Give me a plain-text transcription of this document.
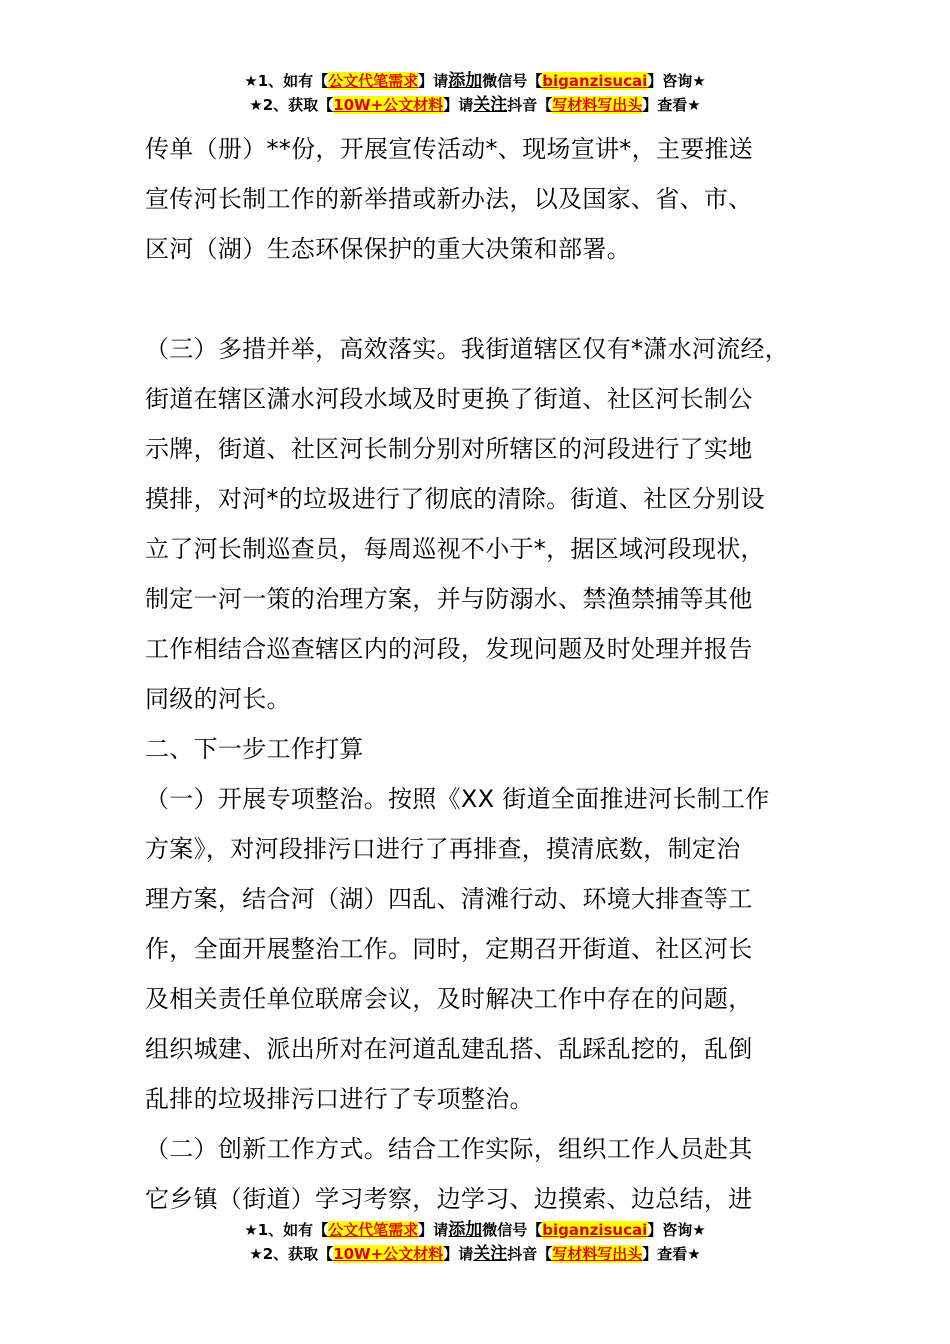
★1、如有【公文代笔需求】请添加微信号【biganzisucai】咨询★
★2、获取【10W+公文材料】请关注抖音【写材料写出头】查看★
传单（册）**份，开展宣传活动*、现场宣讲*，主要推送
宣传河长制工作的新举措或新办法，以及国家、省、市、
区河（湖）生态环保保护的重大决策和部署。
（三）多措并举，高效落实。我街道辖区仅有*潇水河流经，
街道在辖区潇水河段水域及时更换了街道、社区河长制公
示牌，街道、社区河长制分别对所辖区的河段进行了实地
摸排，对河*的垃圾进行了彻底的清除。街道、社区分别设
立了河长制巡查员，每周巡视不小于*，据区域河段现状，
制定一河一策的治理方案，并与防溺水、禁渔禁捕等其他
工作相结合巡查辖区内的河段，发现问题及时处理并报告
同级的河长。
二、下一步工作打算
（一）开展专项整治。按照《XX 街道全面推进河长制工作
方案》，对河段排污口进行了再排查，摸清底数，制定治
理方案，结合河（湖）四乱、清滩行动、环境大排查等工
作，全面开展整治工作。同时，定期召开街道、社区河长
及相关责任单位联席会议，及时解决工作中存在的问题，
组织城建、派出所对在河道乱建乱搭、乱踩乱挖的，乱倒
乱排的垃圾排污口进行了专项整治。
（二）创新工作方式。结合工作实际，组织工作人员赴其
它乡镇（街道）学习考察，边学习、边摸索、边总结，进
★1、如有【公文代笔需求】请添加微信号【biganzisucai】咨询★
★2、获取【10W+公文材料】请关注抖音【写材料写出头】查看★
